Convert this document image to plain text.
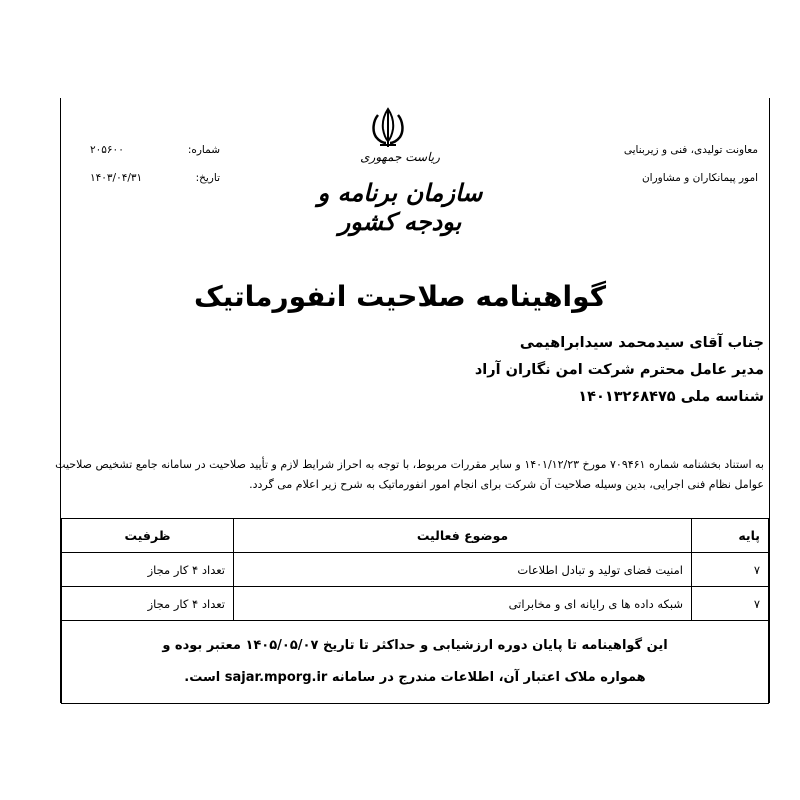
معاونت تولیدی، فنی و زیربنایی
امور پیمانکاران و مشاوران
شماره:
۲۰۵۶۰۰
تاریخ:
۱۴۰۳/۰۴/۳۱
ریاست جمهوری
سازمان برنامه و بودجه کشور
گواهینامه صلاحیت انفورماتیک
جناب آقای سیدمحمد سیدابراهیمی
مدیر عامل محترم شرکت امن نگاران آراد
شناسه ملی ۱۴۰۱۳۲۶۸۴۷۵
به استناد بخشنامه شماره ۷۰۹۴۶۱ مورخ ۱۴۰۱/۱۲/۲۳ و سایر مقررات مربوط، با توجه به احراز شرایط لازم و تأیید صلاحیت در سامانه جامع تشخیص صلاحیت عوامل نظام فنی اجرایی، بدین وسیله صلاحیت آن شرکت برای انجام امور انفورماتیک به شرح زیر اعلام می گردد.
پایه	موضوع فعالیت	ظرفیت
۷	امنیت فضای تولید و تبادل اطلاعات	تعداد ۴ کار مجاز
۷	شبکه داده ها ی رایانه ای و مخابراتی	تعداد ۴ کار مجاز

این گواهینامه تا پایان دوره ارزشیابی و حداکثر تا تاریخ ۱۴۰۵/۰۵/۰۷ معتبر بوده و
همواره ملاک اعتبار آن، اطلاعات مندرج در سامانه sajar.mporg.ir است.		
